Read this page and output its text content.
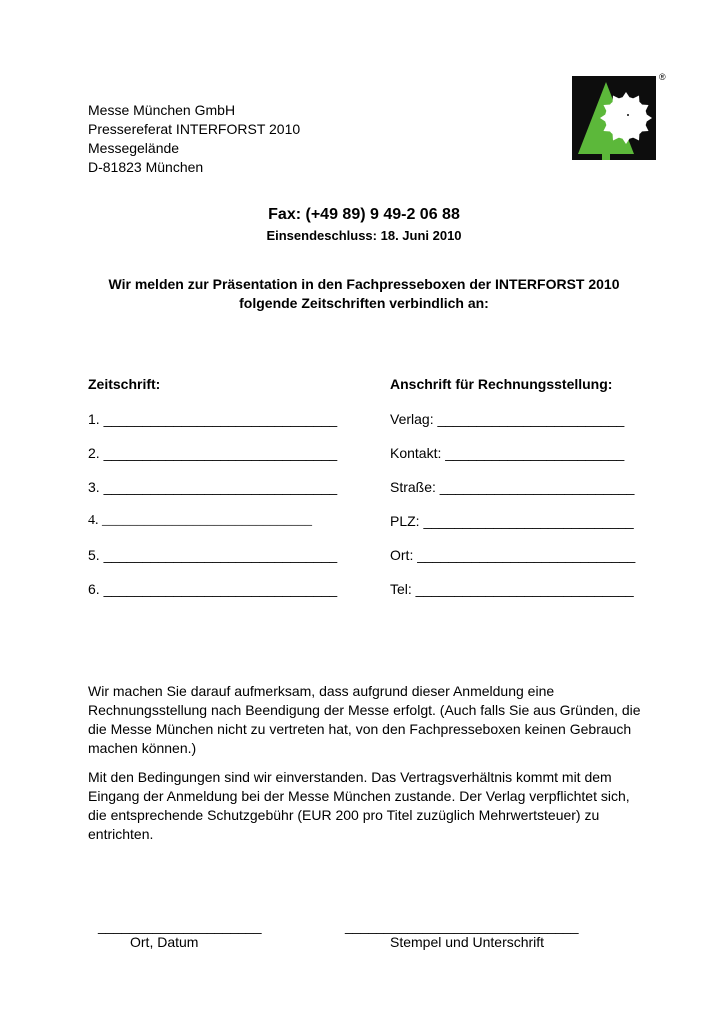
Messe München GmbH
Pressereferat INTERFORST 2010
Messegelände
D-81823 München
®
Fax: (+49 89) 9 49-2 06 88
Einsendeschluss: 18. Juni 2010
Wir melden zur Präsentation in den Fachpresseboxen der INTERFORST 2010
folgende Zeitschriften verbindlich an:
Zeitschrift:	Anschrift für Rechnungsstellung:
1. ______________________________
2. ______________________________
3. ______________________________
4. ______________________________
5. ______________________________
6. ______________________________
Verlag: ________________________
Kontakt: _______________________
Straße: _________________________
PLZ: ___________________________
Ort: ____________________________
Tel: ____________________________
Wir machen Sie darauf aufmerksam, dass aufgrund dieser Anmeldung eine Rechnungsstellung nach Beendigung der Messe erfolgt. (Auch falls Sie aus Gründen, die die Messe München nicht zu vertreten hat, von den Fachpresseboxen keinen Gebrauch machen können.)
Mit den Bedingungen sind wir einverstanden. Das Vertragsverhältnis kommt mit dem Eingang der Anmeldung bei der Messe München zustande. Der Verlag verpflichtet sich, die entsprechende Schutzgebühr (EUR 200 pro Titel zuzüglich Mehrwertsteuer) zu entrichten.
_____________________
Ort, Datum
______________________________
Stempel und Unterschrift
